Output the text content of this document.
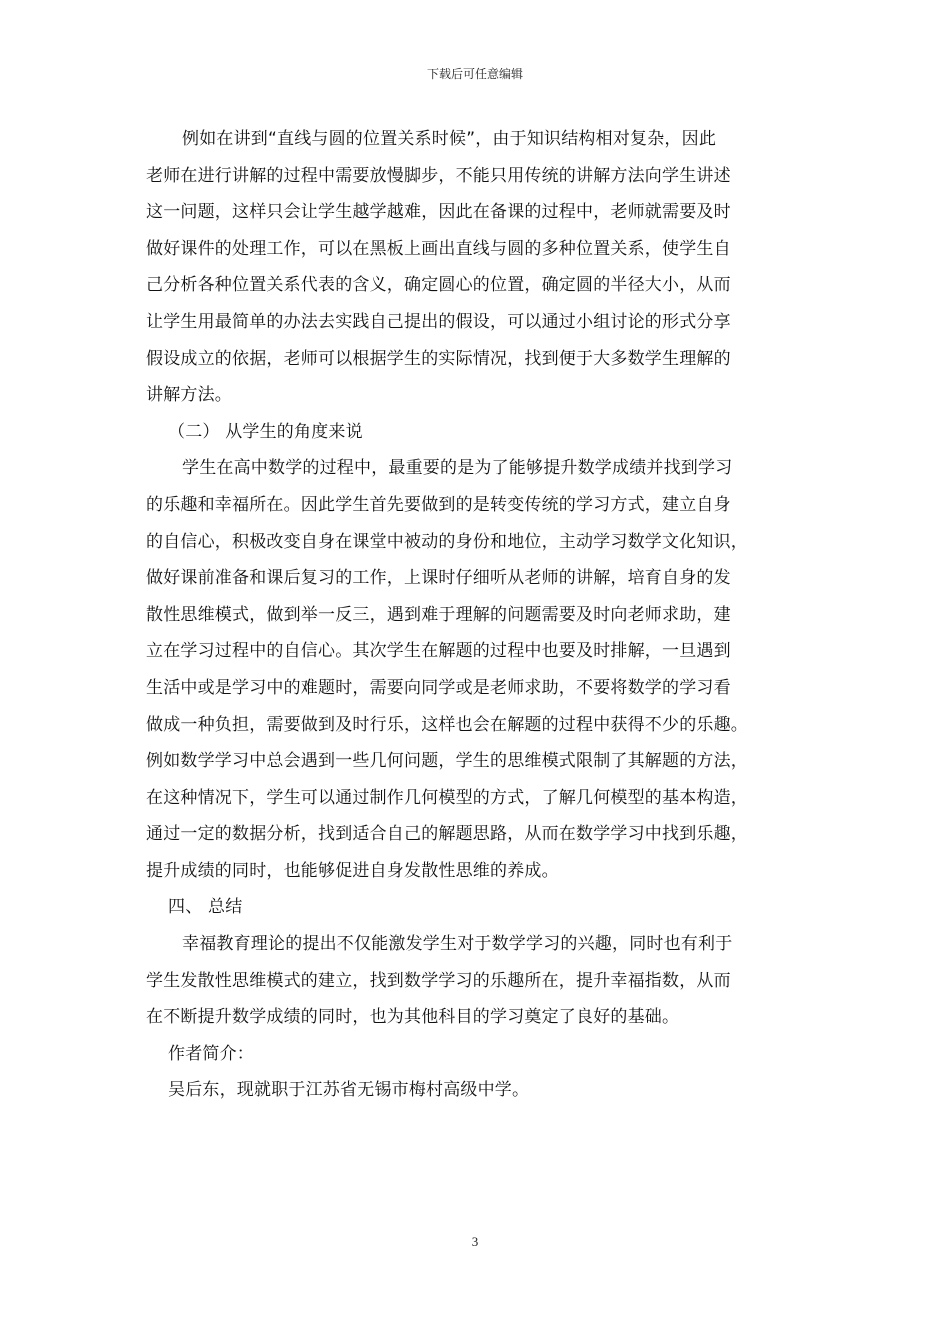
下载后可任意编辑
例如在讲到“直线与圆的位置关系时候”，由于知识结构相对复杂，因此
老师在进行讲解的过程中需要放慢脚步，不能只用传统的讲解方法向学生讲述
这一问题，这样只会让学生越学越难，因此在备课的过程中，老师就需要及时
做好课件的处理工作，可以在黑板上画出直线与圆的多种位置关系，使学生自
己分析各种位置关系代表的含义，确定圆心的位置，确定圆的半径大小，从而
让学生用最简单的办法去实践自己提出的假设，可以通过小组讨论的形式分享
假设成立的依据，老师可以根据学生的实际情况，找到便于大多数学生理解的
讲解方法。
（二） 从学生的角度来说
学生在高中数学的过程中，最重要的是为了能够提升数学成绩并找到学习
的乐趣和幸福所在。因此学生首先要做到的是转变传统的学习方式，建立自身
的自信心，积极改变自身在课堂中被动的身份和地位，主动学习数学文化知识，
做好课前准备和课后复习的工作，上课时仔细听从老师的讲解，培育自身的发
散性思维模式，做到举一反三，遇到难于理解的问题需要及时向老师求助，建
立在学习过程中的自信心。其次学生在解题的过程中也要及时排解，一旦遇到
生活中或是学习中的难题时，需要向同学或是老师求助，不要将数学的学习看
做成一种负担，需要做到及时行乐，这样也会在解题的过程中获得不少的乐趣。
例如数学学习中总会遇到一些几何问题，学生的思维模式限制了其解题的方法，
在这种情况下，学生可以通过制作几何模型的方式，了解几何模型的基本构造，
通过一定的数据分析，找到适合自己的解题思路，从而在数学学习中找到乐趣，
提升成绩的同时，也能够促进自身发散性思维的养成。
四、 总结
幸福教育理论的提出不仅能激发学生对于数学学习的兴趣，同时也有利于
学生发散性思维模式的建立，找到数学学习的乐趣所在，提升幸福指数，从而
在不断提升数学成绩的同时，也为其他科目的学习奠定了良好的基础。
作者简介：
吴后东，现就职于江苏省无锡市梅村高级中学。
3
